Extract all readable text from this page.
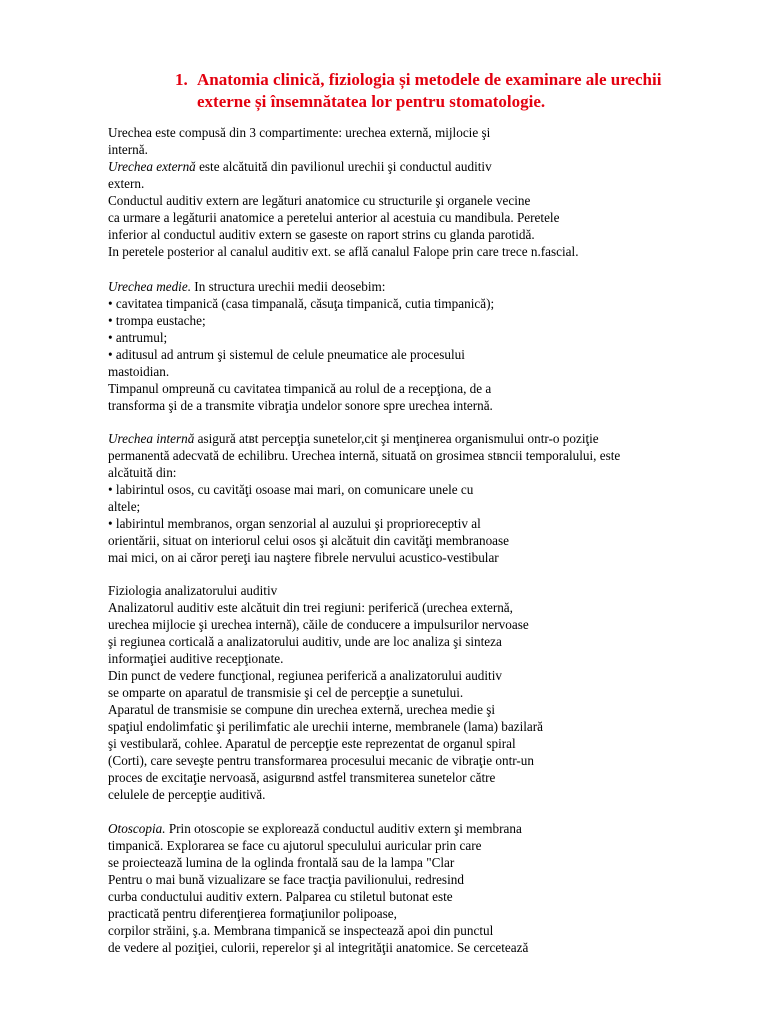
1. Anatomia clinică, fiziologia și metodele de examinare ale urechii
externe și însemnătatea lor pentru stomatologie.
Urechea este compusă din 3 compartimente: urechea externă, mijlocie şi
internă.
Urechea externă este alcătuită din pavilionul urechii şi conductul auditiv
extern.
Conductul auditiv extern are legături anatomice cu structurile şi organele vecine
ca urmare a legăturii anatomice a peretelui anterior al acestuia cu mandibula. Peretele
inferior al conductul auditiv extern se gaseste on raport strins cu glanda parotidă.
In peretele posterior al canalul auditiv ext. se află canalul Falope prin care trece n.fascial.
Urechea medie. In structura urechii medii deosebim:
• cavitatea timpanică (casa timpanală, căsuţa timpanică, cutia timpanică);
• trompa eustache;
• antrumul;
• aditusul ad antrum şi sistemul de celule pneumatice ale procesului
mastoidian.
Timpanul ompreună cu cavitatea timpanică au rolul de a recepţiona, de a
transforma şi de a transmite vibraţia undelor sonore spre urechea internă.
Urechea internă asigură atвt percepţia sunetelor,cit şi menţinerea organismului ontr-o poziţie
permanentă adecvată de echilibru. Urechea internă, situată on grosimea stвncii temporalului, este
alcătuită din:
• labirintul osos, cu cavităţi osoase mai mari, on comunicare unele cu
altele;
• labirintul membranos, organ senzorial al auzului şi proprioreceptiv al
orientării, situat on interiorul celui osos şi alcătuit din cavităţi membranoase
mai mici, on ai căror pereţi iau naştere fibrele nervului acustico-vestibular
Fiziologia analizatorului auditiv
Analizatorul auditiv este alcătuit din trei regiuni: periferică (urechea externă,
urechea mijlocie şi urechea internă), căile de conducere a impulsurilor nervoase
şi regiunea corticală a analizatorului auditiv, unde are loc analiza şi sinteza
informaţiei auditive recepţionate.
Din punct de vedere funcţional, regiunea periferică a analizatorului auditiv
se omparte on aparatul de transmisie şi cel de percepţie a sunetului.
Aparatul de transmisie se compune din urechea externă, urechea medie şi
spaţiul endolimfatic şi perilimfatic ale urechii interne, membranele (lama) bazilară
şi vestibulară, cohlee. Aparatul de percepţie este reprezentat de organul spiral
(Corti), care seveşte pentru transformarea procesului mecanic de vibraţie ontr-un
proces de excitaţie nervoasă, asigurвnd astfel transmiterea sunetelor către
celulele de percepţie auditivă.
Otoscopia. Prin otoscopie se explorează conductul auditiv extern şi membrana
timpanică. Explorarea se face cu ajutorul speculului auricular prin care
se proiectează lumina de la oglinda frontală sau de la lampa "Clar
Pentru o mai bună vizualizare se face tracţia pavilionului, redresind
curba conductului auditiv extern. Palparea cu stiletul butonat este
practicată pentru diferenţierea formaţiunilor polipoase,
corpilor străini, ş.a. Membrana timpanică se inspectează apoi din punctul
de vedere al poziţiei, culorii, reperelor şi al integrităţii anatomice. Se cercetează
